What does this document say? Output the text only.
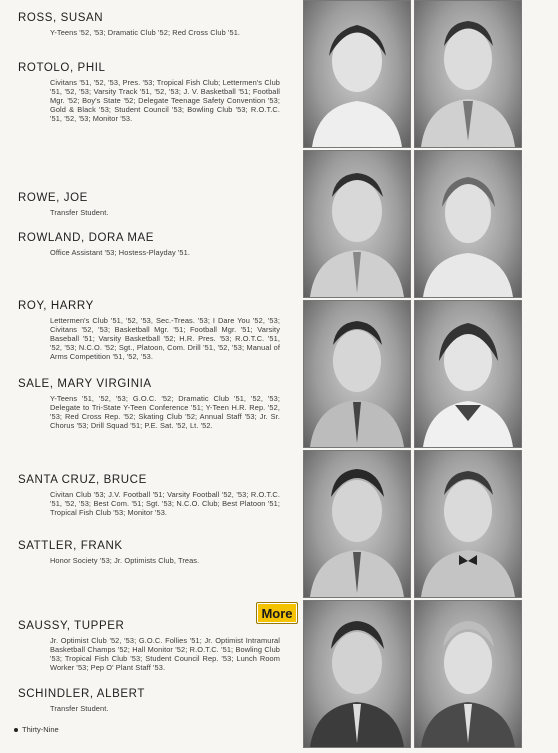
ROSS, SUSAN
Y-Teens '52, '53; Dramatic Club '52; Red Cross Club '51.
ROTOLO, PHIL
Civitans '51, '52, '53, Pres. '53; Tropical Fish Club; Lettermen's Club '51, '52, '53; Varsity Track '51, '52, '53; J. V. Basketball '51; Football Mgr. '52; Boy's State '52; Delegate Teenage Safety Convention '53; Gold & Black '53; Student Council '53; Bowling Club '53; R.O.T.C. '51, '52, '53; Monitor '53.
ROWE, JOE
Transfer Student.
ROWLAND, DORA MAE
Office Assistant '53; Hostess-Playday '51.
ROY, HARRY
Lettermen's Club '51, '52, '53, Sec.-Treas. '53; I Dare You '52, '53; Civitans '52, '53; Basketball Mgr. '51; Football Mgr. '51; Varsity Baseball '51; Varsity Basketball '52; H.R. Pres. '53; R.O.T.C. '51, '52, '53; N.C.O. '52; Sgt., Platoon, Com. Drill '51, '52, '53; Manual of Arms Competition '51, '52, '53.
SALE, MARY VIRGINIA
Y-Teens '51, '52, '53; G.O.C. '52; Dramatic Club '51, '52, '53; Delegate to Tri-State Y-Teen Conference '51; Y-Teen H.R. Rep. '52, '53; Red Cross Rep. '52; Skating Club '52; Annual Staff '53; Jr. Sr. Chorus '53; Drill Squad '51; P.E. Sat. '52, Lt. '52.
SANTA CRUZ, BRUCE
Civitan Club '53; J.V. Football '51; Varsity Football '52, '53; R.O.T.C. '51, '52, '53; Best Com. '51; Sgt. '53; N.C.O. Club; Best Platoon '51; Tropical Fish Club '53; Monitor '53.
SATTLER, FRANK
Honor Society '53; Jr. Optimists Club, Treas.
SAUSSY, TUPPER
Jr. Optimist Club '52, '53; G.O.C. Follies '51; Jr. Optimist Intramural Basketball Champs '52; Hall Monitor '52; R.O.T.C. '51; Bowling Club '53; Tropical Fish Club '53; Student Council Rep. '53; Lunch Room Worker '53; Pep O' Plant Staff '53.
SCHINDLER, ALBERT
Transfer Student.
More
Thirty-Nine
